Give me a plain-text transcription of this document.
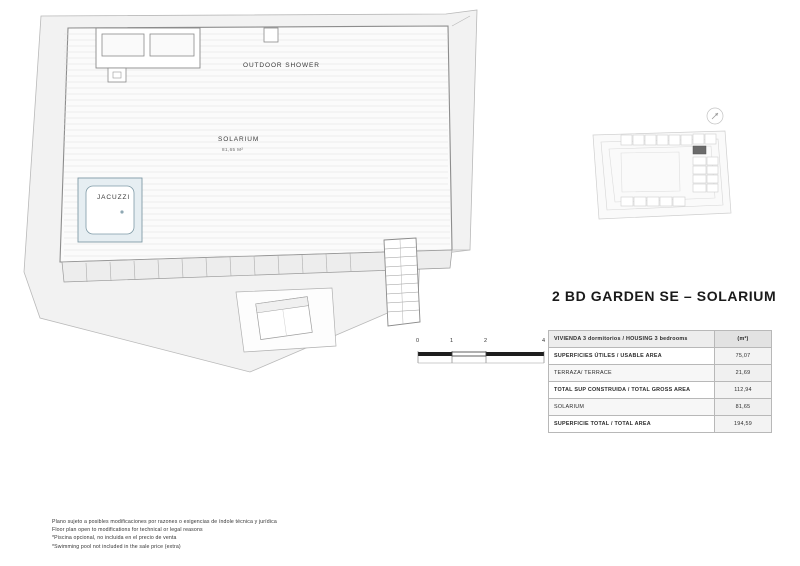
OUTDOOR SHOWER
SOLARIUM
81,65 M²
JACUZZI
2 BD GARDEN SE – SOLARIUM
0	1	2	4 VIVIENDA 3 dormitorios / HOUSING 3 bedrooms	(m²)
SUPERFICIES ÚTILES / USABLE AREA	75,07
TERRAZA/ TERRACE	21,69
TOTAL SUP CONSTRUIDA / TOTAL GROSS AREA	112,94
SOLARIUM	81,65
SUPERFICIE TOTAL / TOTAL AREA	194,59
Plano sujeto a posibles modificaciones por razones o exigencias de índole técnica y jurídica
Floor plan open to modifications for technical or legal reasons
*Piscina opcional, no incluida en el precio de venta
*Swimming pool not included in the sale price (extra)
